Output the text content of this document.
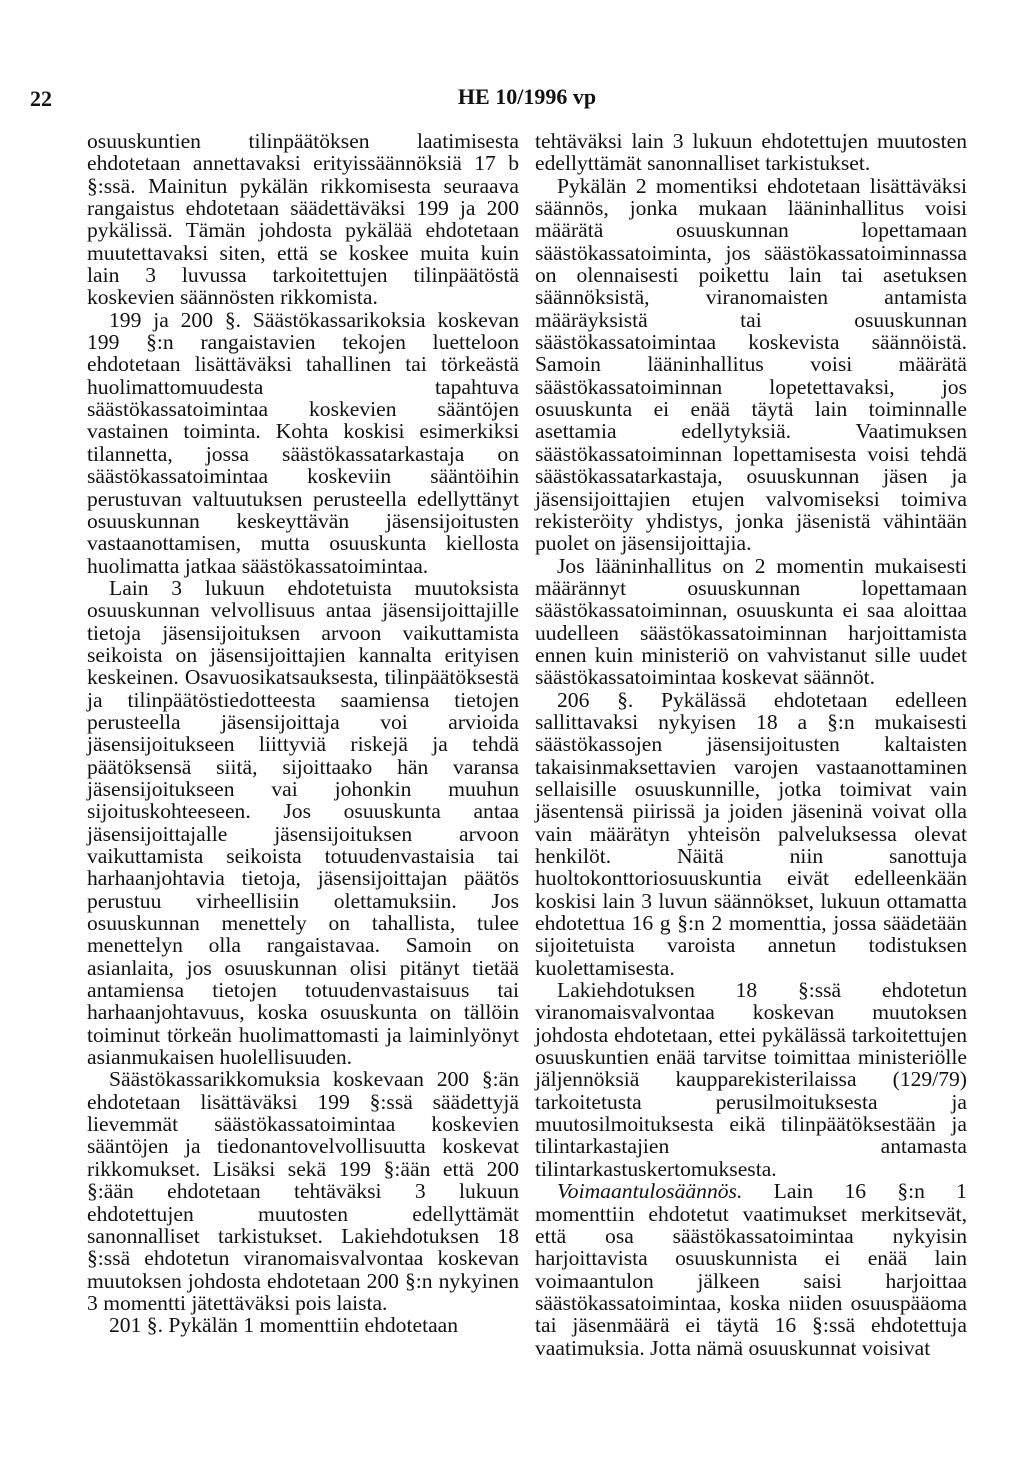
22	HE 10/1996 vp

osuuskuntien tilinpäätöksen laatimisesta ehdotetaan annettavaksi erityissäännöksiä 17 b §:ssä. Mainitun pykälän rikkomisesta seuraava rangaistus ehdotetaan säädettäväksi 199 ja 200 pykälissä. Tämän johdosta pykälää ehdotetaan muutettavaksi siten, että se koskee muita kuin lain 3 luvussa tarkoitettujen tilinpäätöstä koskevien säännösten rikkomista.

199 ja 200 §. Säästökassarikoksia koskevan 199 §:n rangaistavien tekojen luetteloon ehdotetaan lisättäväksi tahallinen tai törkeästä huolimattomuudesta tapahtuva säästökassatoimintaa koskevien sääntöjen vastainen toiminta. Kohta koskisi esimerkiksi tilannetta, jossa säästökassatarkastaja on säästökassatoimintaa koskeviin sääntöihin perustuvan valtuutuksen perusteella edellyttänyt osuuskunnan keskeyttävän jäsensijoitusten vastaanottamisen, mutta osuuskunta kiellosta huolimatta jatkaa säästökassatoimintaa.

Lain 3 lukuun ehdotetuista muutoksista osuuskunnan velvollisuus antaa jäsensijoittajille tietoja jäsensijoituksen arvoon vaikuttamista seikoista on jäsensijoittajien kannalta erityisen keskeinen. Osavuosikatsauksesta, tilinpäätöksestä ja tilinpäätöstiedotteesta saamiensa tietojen perusteella jäsensijoittaja voi arvioida jäsensijoitukseen liittyviä riskejä ja tehdä päätöksensä siitä, sijoittaako hän varansa jäsensijoitukseen vai johonkin muuhun sijoituskohteeseen. Jos osuuskunta antaa jäsensijoittajalle jäsensijoituksen arvoon vaikuttamista seikoista totuudenvastaisia tai harhaanjohtavia tietoja, jäsensijoittajan päätös perustuu virheellisiin olettamuksiin. Jos osuuskunnan menettely on tahallista, tulee menettelyn olla rangaistavaa. Samoin on asianlaita, jos osuuskunnan olisi pitänyt tietää antamiensa tietojen totuudenvastaisuus tai harhaanjohtavuus, koska osuuskunta on tällöin toiminut törkeän huolimattomasti ja laiminlyönyt asianmukaisen huolellisuuden.

Säästökassarikkomuksia koskevaan 200 §:än ehdotetaan lisättäväksi 199 §:ssä säädettyjä lievemmät säästökassatoimintaa koskevien sääntöjen ja tiedonantovelvollisuutta koskevat rikkomukset. Lisäksi sekä 199 §:ään että 200 §:ään ehdotetaan tehtäväksi 3 lukuun ehdotettujen muutosten edellyttämät sanonnalliset tarkistukset. Lakiehdotuksen 18 §:ssä ehdotetun viranomaisvalvontaa koskevan muutoksen johdosta ehdotetaan 200 §:n nykyinen 3 momentti jätettäväksi pois laista.

201 §. Pykälän 1 momenttiin ehdotetaan

tehtäväksi lain 3 lukuun ehdotettujen muutosten edellyttämät sanonnalliset tarkistukset.

Pykälän 2 momentiksi ehdotetaan lisättäväksi säännös, jonka mukaan lääninhallitus voisi määrätä osuuskunnan lopettamaan säästökassatoiminta, jos säästökassatoiminnassa on olennaisesti poikettu lain tai asetuksen säännöksistä, viranomaisten antamista määräyksistä tai osuuskunnan säästökassatoimintaa koskevista säännöistä. Samoin lääninhallitus voisi määrätä säästökassatoiminnan lopetettavaksi, jos osuuskunta ei enää täytä lain toiminnalle asettamia edellytyksiä. Vaatimuksen säästökassatoiminnan lopettamisesta voisi tehdä säästökassatarkastaja, osuuskunnan jäsen ja jäsensijoittajien etujen valvomiseksi toimiva rekisteröity yhdistys, jonka jäsenistä vähintään puolet on jäsensijoittajia.

Jos lääninhallitus on 2 momentin mukaisesti määrännyt osuuskunnan lopettamaan säästökassatoiminnan, osuuskunta ei saa aloittaa uudelleen säästökassatoiminnan harjoittamista ennen kuin ministeriö on vahvistanut sille uudet säästökassatoimintaa koskevat säännöt.

206 §. Pykälässä ehdotetaan edelleen sallittavaksi nykyisen 18 a §:n mukaisesti säästökassojen jäsensijoitusten kaltaisten takaisinmaksettavien varojen vastaanottaminen sellaisille osuuskunnille, jotka toimivat vain jäsentensä piirissä ja joiden jäseninä voivat olla vain määrätyn yhteisön palveluksessa olevat henkilöt. Näitä niin sanottuja huoltokonttoriosuuskuntia eivät edelleenkään koskisi lain 3 luvun säännökset, lukuun ottamatta ehdotettua 16 g §:n 2 momenttia, jossa säädetään sijoitetuista varoista annetun todistuksen kuolettamisesta.

Lakiehdotuksen 18 §:ssä ehdotetun viranomaisvalvontaa koskevan muutoksen johdosta ehdotetaan, ettei pykälässä tarkoitettujen osuuskuntien enää tarvitse toimittaa ministeriölle jäljennöksiä kaupparekisterilaissa (129/79) tarkoitetusta perusilmoituksesta ja muutosilmoituksesta eikä tilinpäätöksestään ja tilintarkastajien antamasta tilintarkastuskertomuksesta.

Voimaantulosäännös. Lain 16 §:n 1 momenttiin ehdotetut vaatimukset merkitsevät, että osa säästökassatoimintaa nykyisin harjoittavista osuuskunnista ei enää lain voimaantulon jälkeen saisi harjoittaa säästökassatoimintaa, koska niiden osuuspääoma tai jäsenmäärä ei täytä 16 §:ssä ehdotettuja vaatimuksia. Jotta nämä osuuskunnat voisivat
